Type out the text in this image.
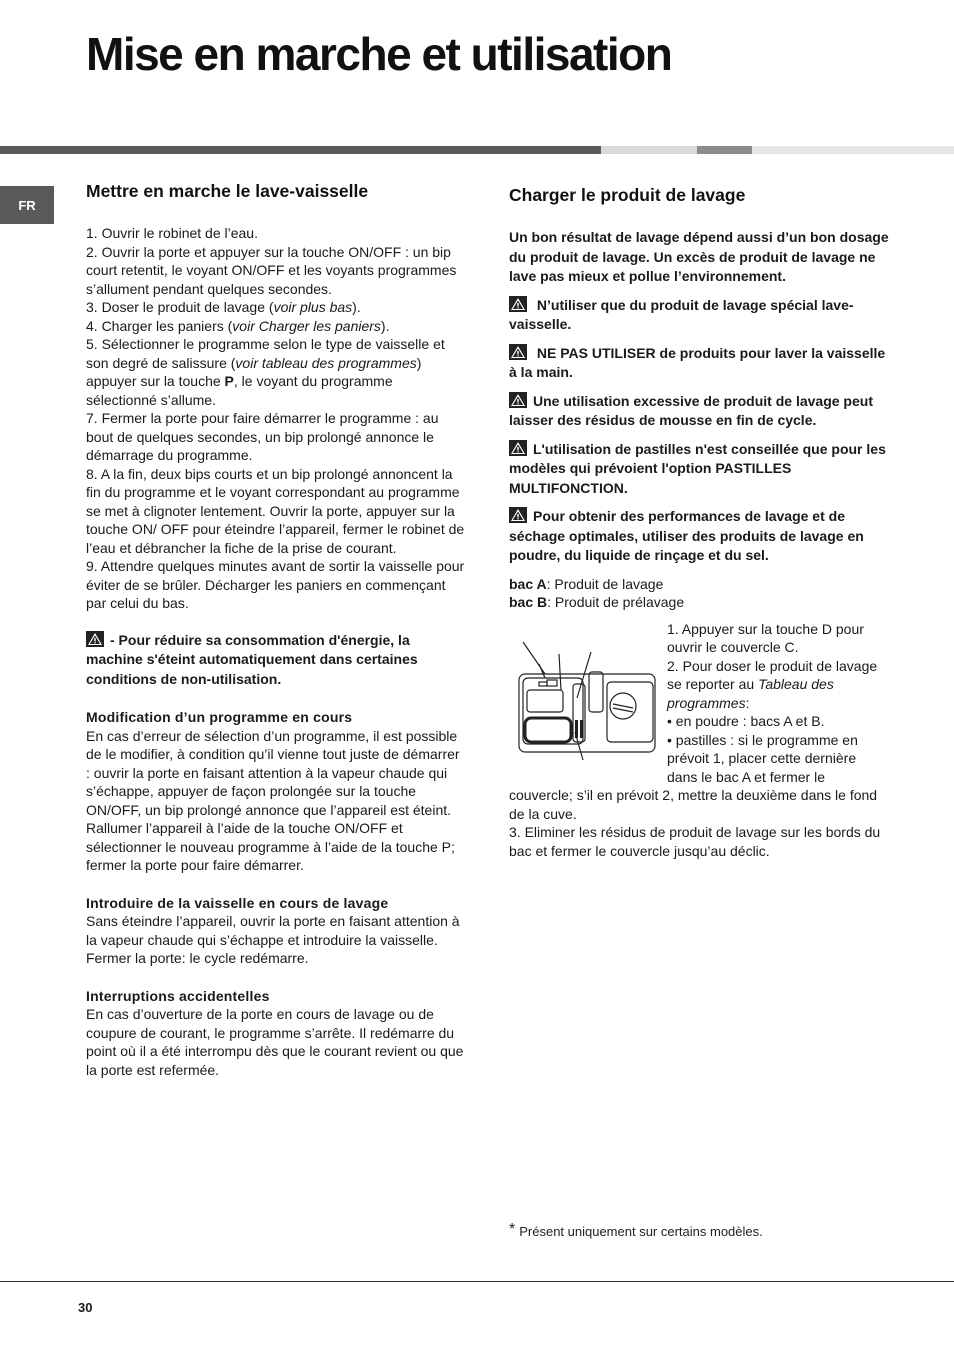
Mise en marche et utilisation
FR
Mettre en marche le lave-vaisselle

1. Ouvrir le robinet de l’eau.

2. Ouvrir la porte et appuyer sur la touche ON/OFF : un bip court retentit, le voyant ON/OFF et les voyants programmes s’allument pendant quelques secondes.

3. Doser le produit de lavage (voir plus bas).

4. Charger les paniers (voir Charger les paniers).

5. Sélectionner le programme selon le type de vaisselle et son degré de salissure (voir tableau des programmes) appuyer sur la touche P, le voyant du programme sélectionné s’allume.

7. Fermer la porte pour faire démarrer le programme : au bout de quelques secondes, un bip prolongé annonce le démarrage du programme.

8. A la fin, deux bips courts et un bip prolongé annoncent la fin du programme et le voyant correspondant au programme se met à clignoter lentement. Ouvrir la porte, appuyer sur la touche ON/ OFF pour éteindre l’appareil, fermer le robinet de l’eau et débrancher la fiche de la prise de courant.

9. Attendre quelques minutes avant de sortir la vaisselle pour éviter de se brûler. Décharger les paniers en commençant par celui du bas.

- Pour réduire sa consommation d'énergie, la machine s'éteint automatiquement dans certaines conditions de non-utilisation.

Modification d’un programme en cours

En cas d’erreur de sélection d’un programme, il est possible de le modifier, à condition qu’il vienne tout juste de démarrer : ouvrir la porte en faisant attention à la vapeur chaude qui s’échappe, appuyer de façon prolongée sur la touche ON/OFF, un bip prolongé annonce que l’appareil est éteint. Rallumer l’appareil à l’aide de la touche ON/OFF et sélectionner le nouveau programme à l’aide de la touche P; fermer la porte pour faire démarrer.

Introduire de la vaisselle en cours de lavage

Sans éteindre l’appareil, ouvrir la porte en faisant attention à la vapeur chaude qui s’échappe et introduire la vaisselle. Fermer la porte: le cycle redémarre.

Interruptions accidentelles

En cas d’ouverture de la porte en cours de lavage ou de coupure de courant, le programme s’arrête. Il redémarre du point où il a été interrompu dès que le courant revient ou que la porte est refermée.

Charger le produit de lavage

Un bon résultat de lavage dépend aussi d’un bon dosage du produit de lavage. Un excès de produit de lavage ne lave pas mieux et pollue l’environnement.

N’utiliser que du produit de lavage spécial lave-vaisselle.

NE PAS UTILISER de produits pour laver la vaisselle à la main.

Une utilisation excessive de produit de lavage peut laisser des résidus de mousse en fin de cycle.

L'utilisation de pastilles n'est conseillée que pour les modèles qui prévoient l'option PASTILLES MULTIFONCTION.

Pour obtenir des performances de lavage et de séchage optimales, utiliser des produits de lavage en poudre, du liquide de rinçage et du sel.

bac A: Produit de lavage

bac B: Produit de prélavage

1. Appuyer sur la touche D pour ouvrir le couvercle C.

2. Pour doser le produit de lavage se reporter au Tableau des programmes:

• en poudre : bacs A et B.

• pastilles : si le programme en prévoit 1, placer cette dernière dans le bac A et fermer le couvercle; s’il en prévoit 2, mettre la deuxième dans le fond de la cuve.

3. Eliminer les résidus de produit de lavage sur les bords du bac et fermer le couvercle jusqu’au déclic.

* Présent uniquement sur certains modèles.
30
